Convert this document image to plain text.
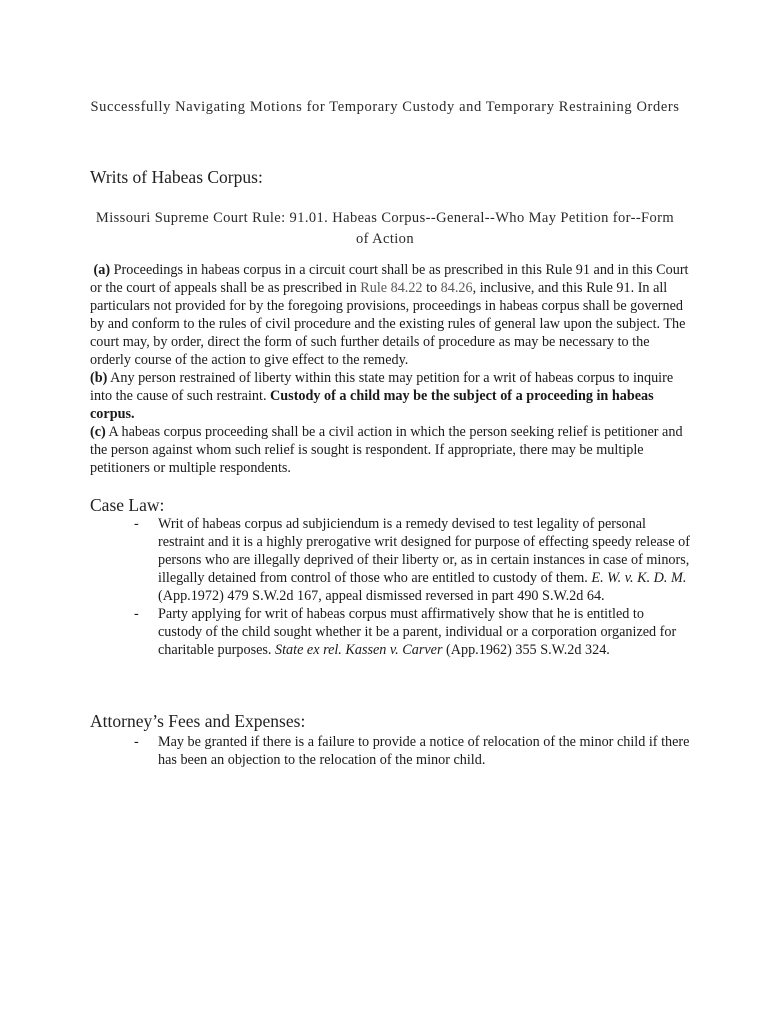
Successfully Navigating Motions for Temporary Custody and Temporary Restraining Orders
Writs of Habeas Corpus:
Missouri Supreme Court Rule: 91.01. Habeas Corpus--General--Who May Petition for--Form of Action

(a) Proceedings in habeas corpus in a circuit court shall be as prescribed in this Rule 91 and in this Court or the court of appeals shall be as prescribed in Rule 84.22 to 84.26, inclusive, and this Rule 91. In all particulars not provided for by the foregoing provisions, proceedings in habeas corpus shall be governed by and conform to the rules of civil procedure and the existing rules of general law upon the subject. The court may, by order, direct the form of such further details of procedure as may be necessary to the orderly course of the action to give effect to the remedy.

(b) Any person restrained of liberty within this state may petition for a writ of habeas corpus to inquire into the cause of such restraint. Custody of a child may be the subject of a proceeding in habeas corpus.

(c) A habeas corpus proceeding shall be a civil action in which the person seeking relief is petitioner and the person against whom such relief is sought is respondent. If appropriate, there may be multiple petitioners or multiple respondents.

Case Law:
- Writ of habeas corpus ad subjiciendum is a remedy devised to test legality of personal restraint and it is a highly prerogative writ designed for purpose of effecting speedy release of persons who are illegally deprived of their liberty or, as in certain instances in case of minors, illegally detained from control of those who are entitled to custody of them. E. W. v. K. D. M. (App.1972) 479 S.W.2d 167, appeal dismissed reversed in part 490 S.W.2d 64.
- Party applying for writ of habeas corpus must affirmatively show that he is entitled to custody of the child sought whether it be a parent, individual or a corporation organized for charitable purposes. State ex rel. Kassen v. Carver (App.1962) 355 S.W.2d 324.
Attorney’s Fees and Expenses:
- May be granted if there is a failure to provide a notice of relocation of the minor child if there has been an objection to the relocation of the minor child.
